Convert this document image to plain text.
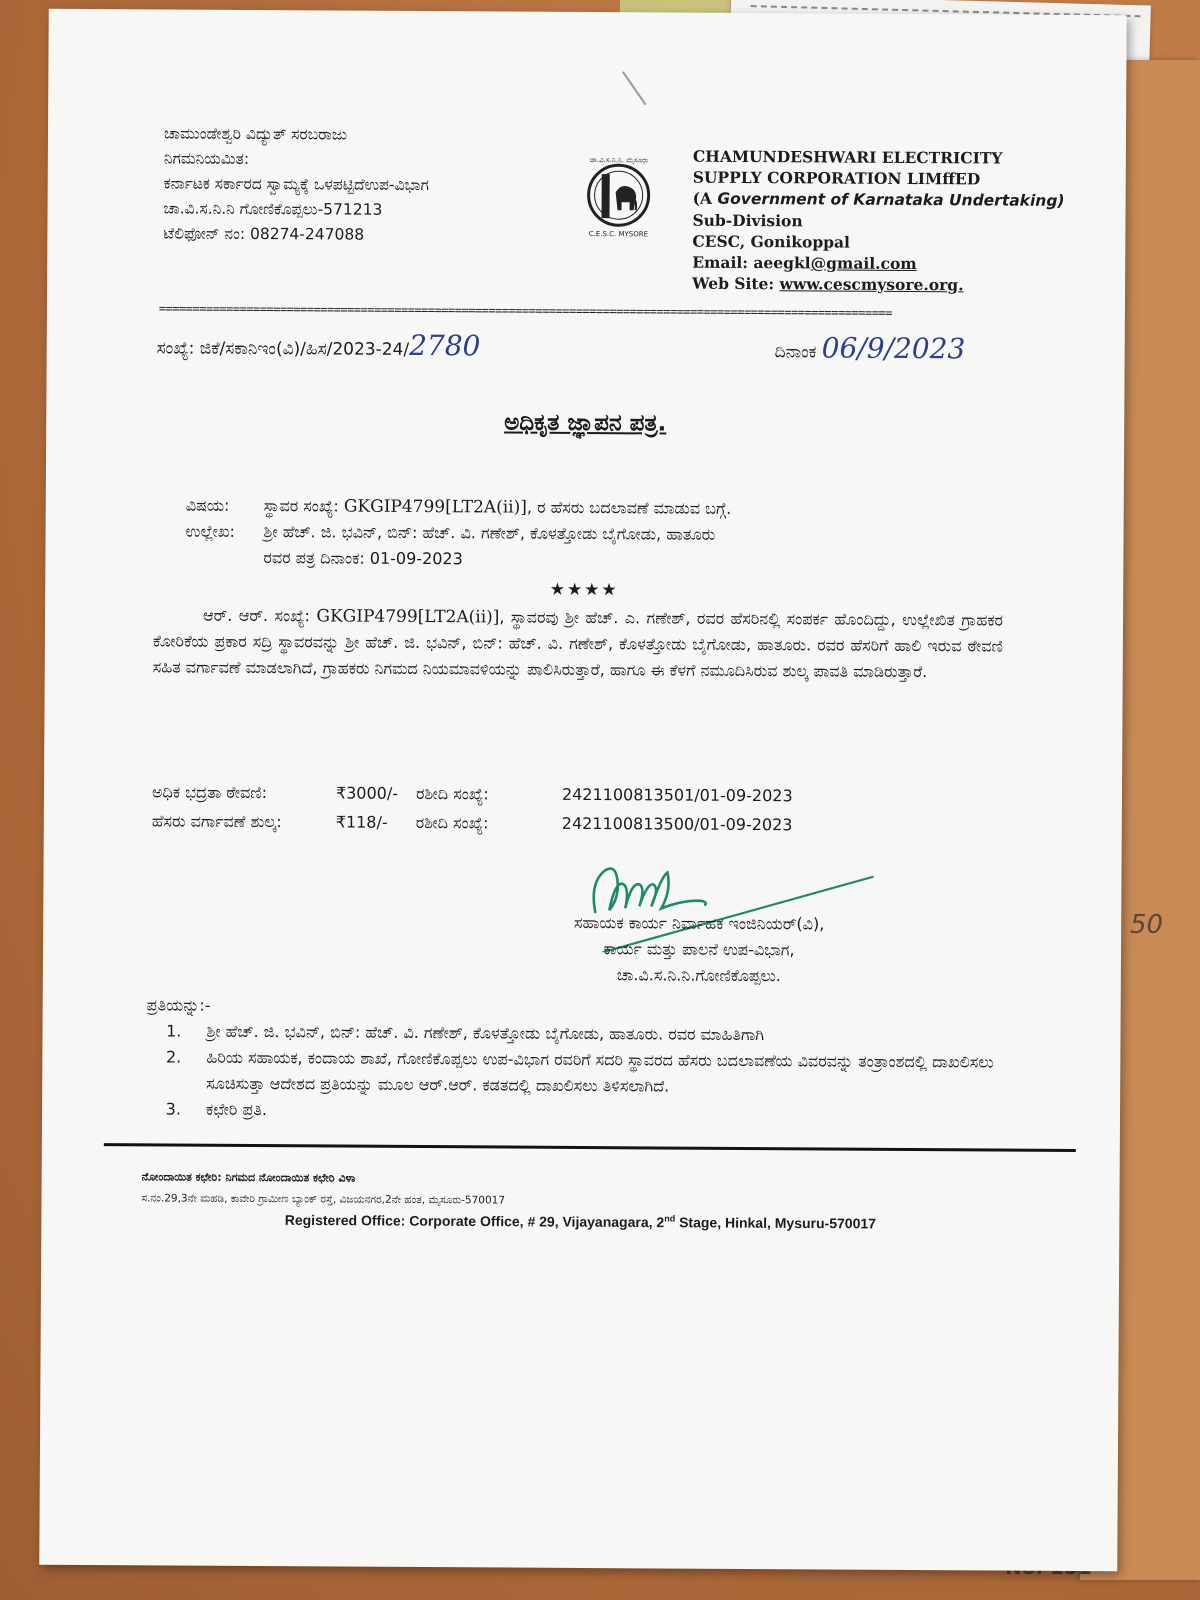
50
ಚಾಮುಂಡೇಶ್ವರಿ ವಿದ್ಯುತ್ ಸರಬರಾಜು
ನಿಗಮನಿಯಮಿತ:
ಕರ್ನಾಟಕ ಸರ್ಕಾರದ ಸ್ವಾಮ್ಯಕ್ಕೆ ಒಳಪಟ್ಟಿದೆಉಪ-ವಿಭಾಗ
ಚಾ.ವಿ.ಸ.ನಿ.ನಿ ಗೋಣಿಕೊಪ್ಪಲು-571213
ಟೆಲಿಫೋನ್ ನಂ: 08274-247088
ಚಾ.ವಿ.ಸ.ನಿ.ನಿ. ಮೈಸೂರು
C.E.S.C. MYSORE
CHAMUNDESHWARI ELECTRICITY
SUPPLY CORPORATION LIMffED
(A Government of Karnataka Undertaking)
Sub-Division
CESC, Gonikoppal
Email: aeegkl@gmail.com
Web Site: www.cescmysore.org.
=============================================================================================================
ಸಂಖ್ಯೆ: ಜಿಕೆ/ಸಕಾನಿಇಂ(ವಿ)/ಹಿಸ/2023-24/2780	ದಿನಾಂಕ 06/9/2023
ಅಧಿಕೃತ ಜ್ಞಾಪನ ಪತ್ರ.
ವಿಷಯ: ಸ್ಥಾವರ ಸಂಖ್ಯೆ: GKGIP4799[LT2A(ii)], ರ ಹೆಸರು ಬದಲಾವಣೆ ಮಾಡುವ ಬಗ್ಗೆ.
ಉಲ್ಲೇಖ: ಶ್ರೀ ಹೆಚ್. ಜಿ. ಭವಿನ್, ಬಿನ್: ಹೆಚ್. ವಿ. ಗಣೇಶ್, ಕೊಳತ್ತೋಡು ಬೈಗೋಡು, ಹಾತೂರು
ರವರ ಪತ್ರ ದಿನಾಂಕ: 01-09-2023
★★★★
ಆರ್. ಆರ್. ಸಂಖ್ಯೆ: GKGIP4799[LT2A(ii)], ಸ್ಥಾವರವು ಶ್ರೀ ಹೆಚ್. ಎ. ಗಣೇಶ್, ರವರ ಹೆಸರಿನಲ್ಲಿ ಸಂಪರ್ಕ ಹೊಂದಿದ್ದು, ಉಲ್ಲೇಖಿತ ಗ್ರಾಹಕರ ಕೋರಿಕೆಯ ಪ್ರಕಾರ ಸದ್ರಿ ಸ್ಥಾವರವನ್ನು ಶ್ರೀ ಹೆಚ್. ಜಿ. ಭವಿನ್, ಬಿನ್: ಹೆಚ್. ವಿ. ಗಣೇಶ್, ಕೊಳತ್ತೋಡು ಬೈಗೋಡು, ಹಾತೂರು. ರವರ ಹೆಸರಿಗೆ ಹಾಲಿ ಇರುವ ಠೇವಣಿ ಸಹಿತ ವರ್ಗಾವಣೆ ಮಾಡಲಾಗಿದೆ, ಗ್ರಾಹಕರು ನಿಗಮದ ನಿಯಮಾವಳಿಯನ್ನು ಪಾಲಿಸಿರುತ್ತಾರೆ, ಹಾಗೂ ಈ ಕೆಳಗೆ ನಮೂದಿಸಿರುವ ಶುಲ್ಕ ಪಾವತಿ ಮಾಡಿರುತ್ತಾರೆ.
ಅಧಿಕ ಭದ್ರತಾ ಠೇವಣಿ:	₹3000/- ರಶೀದಿ ಸಂಖ್ಯೆ:	2421100813501/01-09-2023
ಹೆಸರು ವರ್ಗಾವಣೆ ಶುಲ್ಕ:	₹118/- ರಶೀದಿ ಸಂಖ್ಯೆ:	2421100813500/01-09-2023
ಸಹಾಯಕ ಕಾರ್ಯ ನಿರ್ವಾಹಕ ಇಂಜಿನಿಯರ್(ವಿ),
ಕಾರ್ಯ ಮತ್ತು ಪಾಲನೆ ಉಪ-ವಿಭಾಗ,
ಚಾ.ವಿ.ಸ.ನಿ.ನಿ.ಗೋಣಿಕೊಪ್ಪಲು.
ಪ್ರತಿಯನ್ನು:-
1. ಶ್ರೀ ಹೆಚ್. ಜಿ. ಭವಿನ್, ಬಿನ್: ಹೆಚ್. ವಿ. ಗಣೇಶ್, ಕೊಳತ್ತೋಡು ಬೈಗೋಡು, ಹಾತೂರು. ರವರ ಮಾಹಿತಿಗಾಗಿ
2. ಹಿರಿಯ ಸಹಾಯಕ, ಕಂದಾಯ ಶಾಖೆ, ಗೋಣಿಕೊಪ್ಪಲು ಉಪ-ವಿಭಾಗ ರವರಿಗೆ ಸದರಿ ಸ್ಥಾವರದ ಹೆಸರು ಬದಲಾವಣೆಯ ವಿವರವನ್ನು ತಂತ್ರಾಂಶದಲ್ಲಿ ದಾಖಲಿಸಲು ಸೂಚಿಸುತ್ತಾ ಆದೇಶದ ಪ್ರತಿಯನ್ನು ಮೂಲ ಆರ್.ಆರ್. ಕಡತದಲ್ಲಿ ದಾಖಲಿಸಲು ತಿಳಿಸಲಾಗಿದೆ.
3. ಕಛೇರಿ ಪ್ರತಿ.
ನೋಂದಾಯಿತ ಕಛೇರಿ: ನಿಗಮದ ನೋಂದಾಯಿತ ಕಛೇರಿ ವಿಳಾ
ಸ.ನಂ.29,3ನೇ ಮಹಡಿ, ಕಾವೇರಿ ಗ್ರಾಮೀಣ ಬ್ಯಾಂಕ್ ರಸ್ತೆ, ವಿಜಯನಗರ,2ನೇ ಹಂತ, ಮೈಸೂರು-570017
Registered Office: Corporate Office, # 29, Vijayanagara, 2nd Stage, Hinkal, Mysuru-570017
